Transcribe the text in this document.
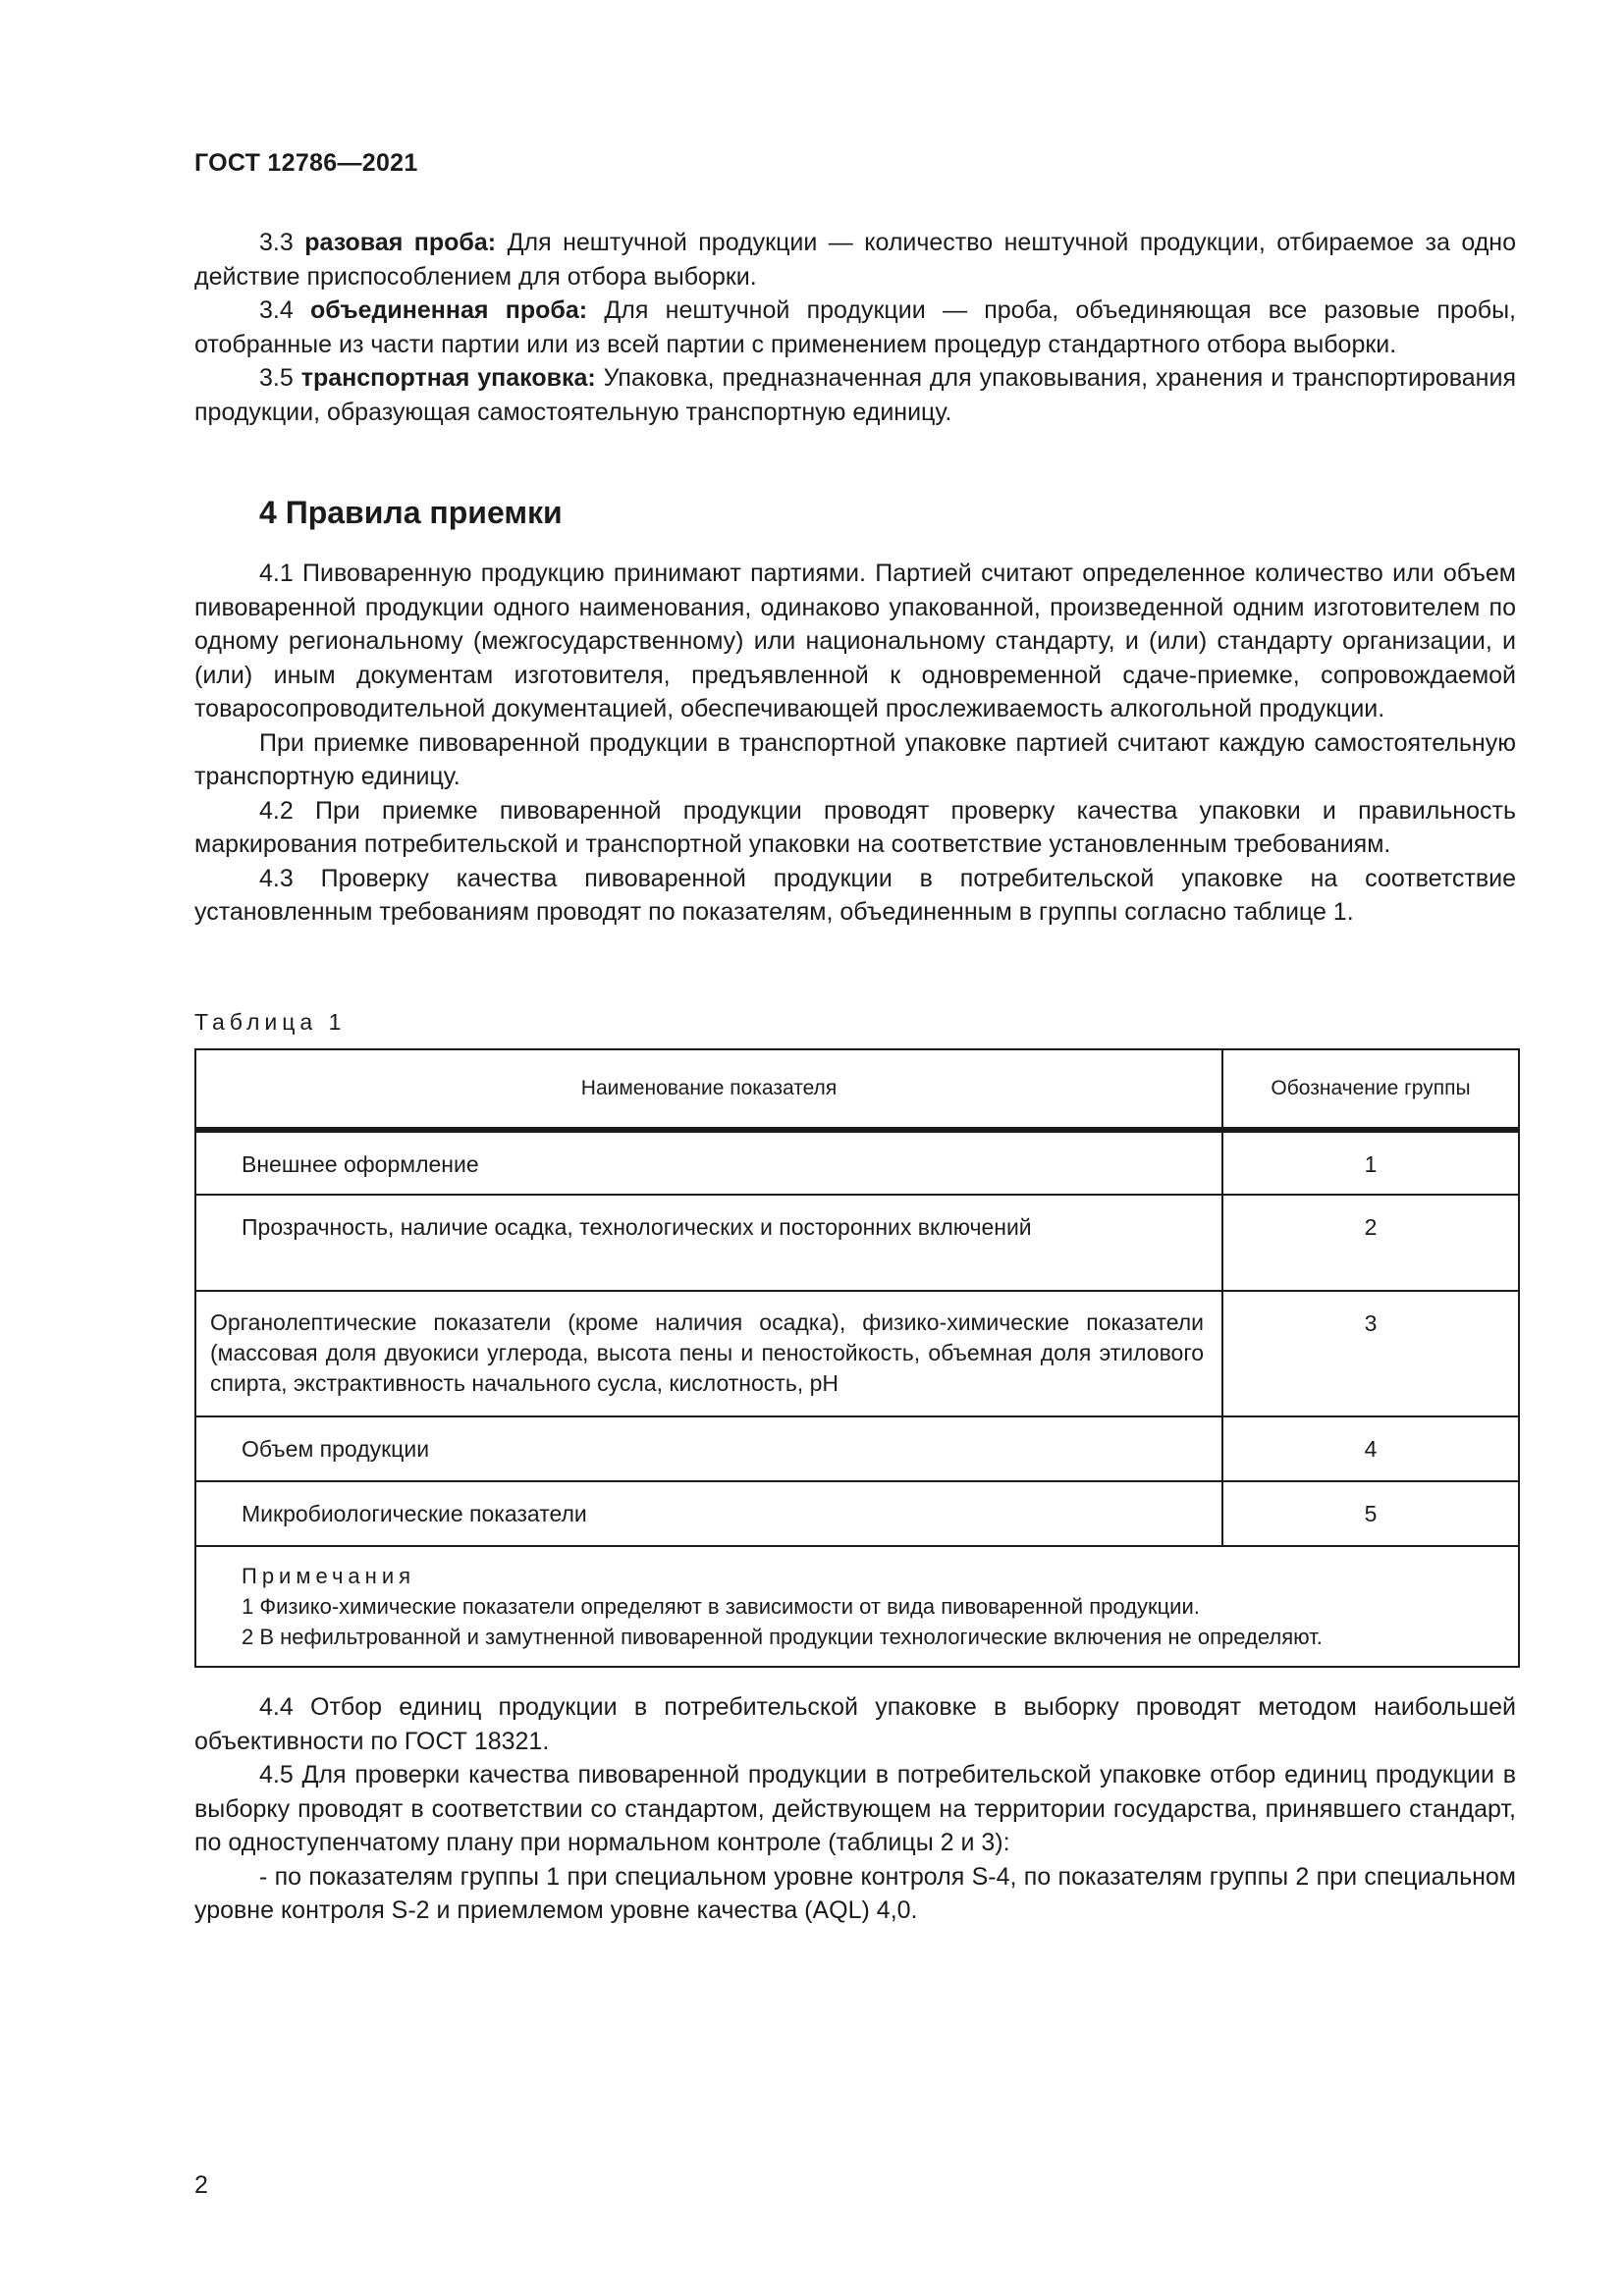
ГОСТ 12786—2021

3.3 разовая проба: Для нештучной продукции — количество нештучной продукции, отбираемое за одно действие приспособлением для отбора выборки.

3.4 объединенная проба: Для нештучной продукции — проба, объединяющая все разовые пробы, отобранные из части партии или из всей партии с применением процедур стандартного отбора выборки.

3.5 транспортная упаковка: Упаковка, предназначенная для упаковывания, хранения и транспортирования продукции, образующая самостоятельную транспортную единицу.

4 Правила приемки

4.1 Пивоваренную продукцию принимают партиями. Партией считают определенное количество или объем пивоваренной продукции одного наименования, одинаково упакованной, произведенной одним изготовителем по одному региональному (межгосударственному) или национальному стандарту, и (или) стандарту организации, и (или) иным документам изготовителя, предъявленной к одновременной сдаче-приемке, сопровождаемой товаросопроводительной документацией, обеспечивающей прослеживаемость алкогольной продукции.

При приемке пивоваренной продукции в транспортной упаковке партией считают каждую самостоятельную транспортную единицу.

4.2 При приемке пивоваренной продукции проводят проверку качества упаковки и правильность маркирования потребительской и транспортной упаковки на соответствие установленным требованиям.

4.3 Проверку качества пивоваренной продукции в потребительской упаковке на соответствие установленным требованиям проводят по показателям, объединенным в группы согласно таблице 1.

Таблица 1
Наименование показателя	Обозначение группы
Внешнее оформление	1
Прозрачность, наличие осадка, технологических и посторонних включений	2
Органолептические показатели (кроме наличия осадка), физико-химические показатели (массовая доля двуокиси углерода, высота пены и пеностойкость, объемная доля этилового спирта, экстрактивность начального сусла, кислотность, pH	3
Объем продукции	4
Микробиологические показатели	5

Примечания
1 Физико-химические показатели определяют в зависимости от вида пивоваренной продукции.
2 В нефильтрованной и замутненной пивоваренной продукции технологические включения не определяют.	

4.4 Отбор единиц продукции в потребительской упаковке в выборку проводят методом наибольшей объективности по ГОСТ 18321.

4.5 Для проверки качества пивоваренной продукции в потребительской упаковке отбор единиц продукции в выборку проводят в соответствии со стандартом, действующем на территории государства, принявшего стандарт, по одноступенчатому плану при нормальном контроле (таблицы 2 и 3):

- по показателям группы 1 при специальном уровне контроля S-4, по показателям группы 2 при специальном уровне контроля S-2 и приемлемом уровне качества (AQL) 4,0.

2
